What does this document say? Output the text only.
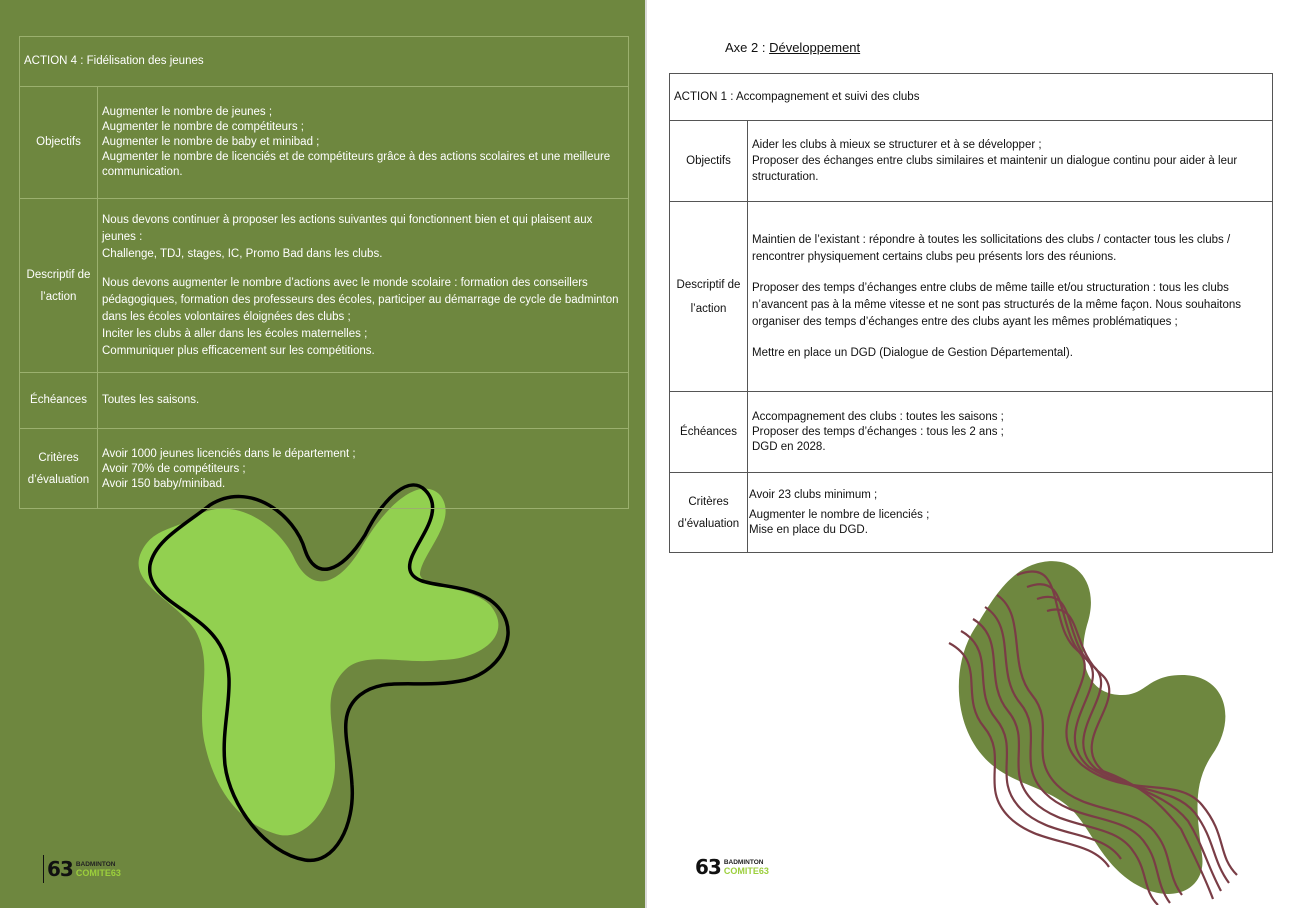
ACTION 4 : Fidélisation des jeunes	
Objectifs	Augmenter le nombre de jeunes ;
Augmenter le nombre de compétiteurs ;
Augmenter le nombre de baby et minibad ;
Augmenter le nombre de licenciés et de compétiteurs grâce à des actions scolaires et une meilleure communication.

Descriptif de
l’action	Nous devons continuer à proposer les actions suivantes qui fonctionnent bien et qui plaisent aux jeunes :
Challenge, TDJ, stages, IC, Promo Bad dans les clubs.
Nous devons augmenter le nombre d’actions avec le monde scolaire : formation des conseillers pédagogiques, formation des professeurs des écoles, participer au démarrage de cycle de badminton dans les écoles volontaires éloignées des clubs ;
Inciter les clubs à aller dans les écoles maternelles ;
Communiquer plus efficacement sur les compétitions.

Échéances	Toutes les saisons.

Critères
d’évaluation	Avoir 1000 jeunes licenciés dans le département ;
Avoir 70% de compétiteurs ;
Avoir 150 baby/minibad.
63 BADMINTON
COMITE63
Axe 2 : Développement
ACTION 1 : Accompagnement et suivi des clubs	
Objectifs	Aider les clubs à mieux se structurer et à se développer ;
Proposer des échanges entre clubs similaires et maintenir un dialogue continu pour aider à leur structuration.

Descriptif de
l’action	Maintien de l’existant : répondre à toutes les sollicitations des clubs / contacter tous les clubs / rencontrer physiquement certains clubs peu présents lors des réunions.
Proposer des temps d’échanges entre clubs de même taille et/ou structuration : tous les clubs n’avancent pas à la même vitesse et ne sont pas structurés de la même façon. Nous souhaitons organiser des temps d’échanges entre des clubs ayant les mêmes problématiques ;
Mettre en place un DGD (Dialogue de Gestion Départemental).

Échéances	Accompagnement des clubs : toutes les saisons ;
Proposer des temps d’échanges : tous les 2 ans ;
DGD en 2028.

Critères
d’évaluation	Avoir 23 clubs minimum ;
Augmenter le nombre de licenciés ;
Mise en place du DGD.
63 BADMINTON
COMITE63
